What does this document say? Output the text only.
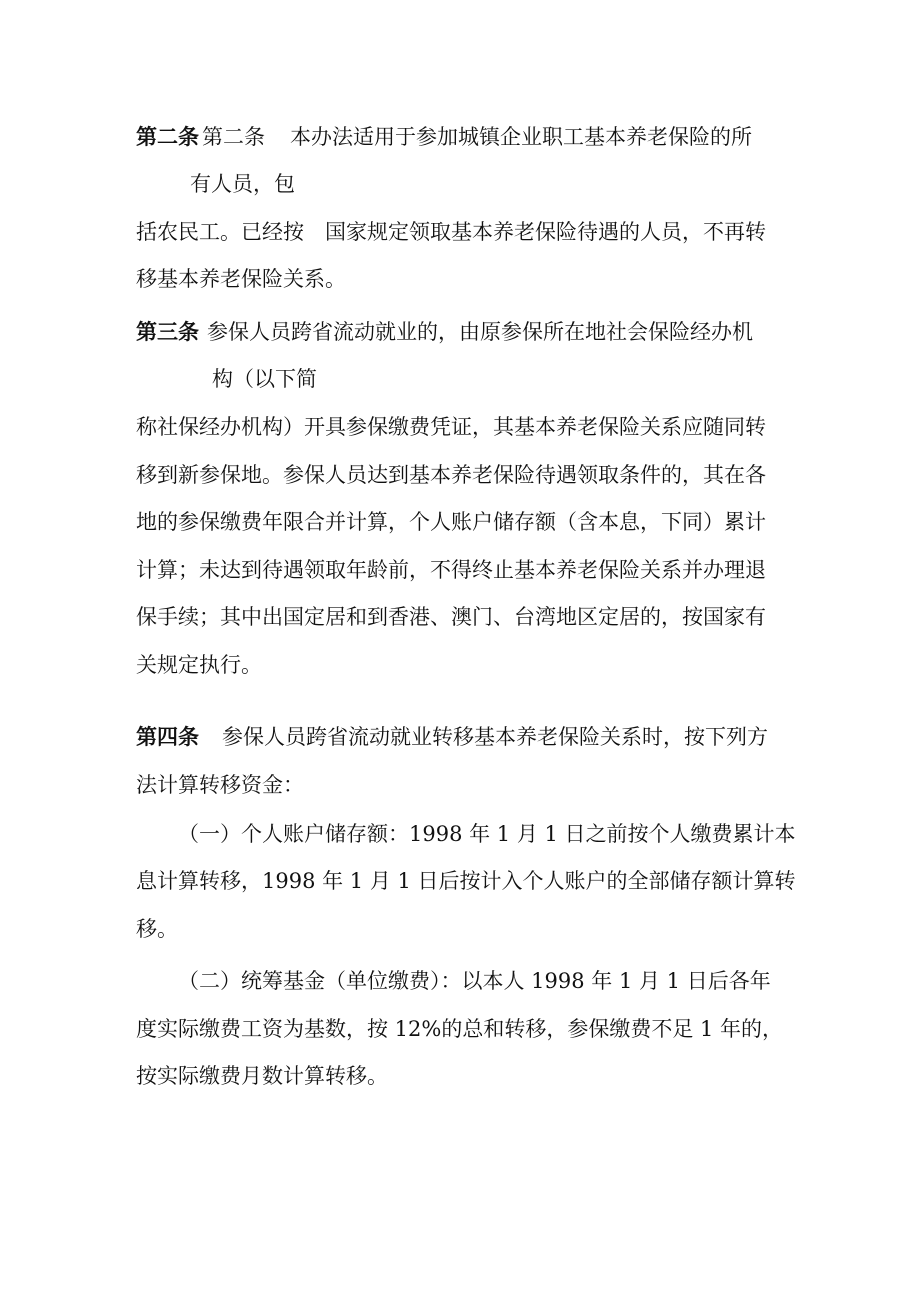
第二条 第二条 本办法适用于参加城镇企业职工基本养老保险的所
有人员，包
括农民工。已经按　国家规定领取基本养老保险待遇的人员，不再转
移基本养老保险关系。
第三条 参保人员跨省流动就业的，由原参保所在地社会保险经办机
构（以下简
称社保经办机构）开具参保缴费凭证，其基本养老保险关系应随同转
移到新参保地。参保人员达到基本养老保险待遇领取条件的，其在各
地的参保缴费年限合并计算，个人账户储存额（含本息，下同）累计
计算；未达到待遇领取年龄前，不得终止基本养老保险关系并办理退
保手续；其中出国定居和到香港、澳门、台湾地区定居的，按国家有
关规定执行。
第四条 参保人员跨省流动就业转移基本养老保险关系时，按下列方
法计算转移资金：
（一）个人账户储存额：1998 年 1 月 1 日之前按个人缴费累计本
息计算转移，1998 年 1 月 1 日后按计入个人账户的全部储存额计算转
移。
（二）统筹基金（单位缴费）：以本人 1998 年 1 月 1 日后各年
度实际缴费工资为基数，按 12%的总和转移，参保缴费不足 1 年的，
按实际缴费月数计算转移。
